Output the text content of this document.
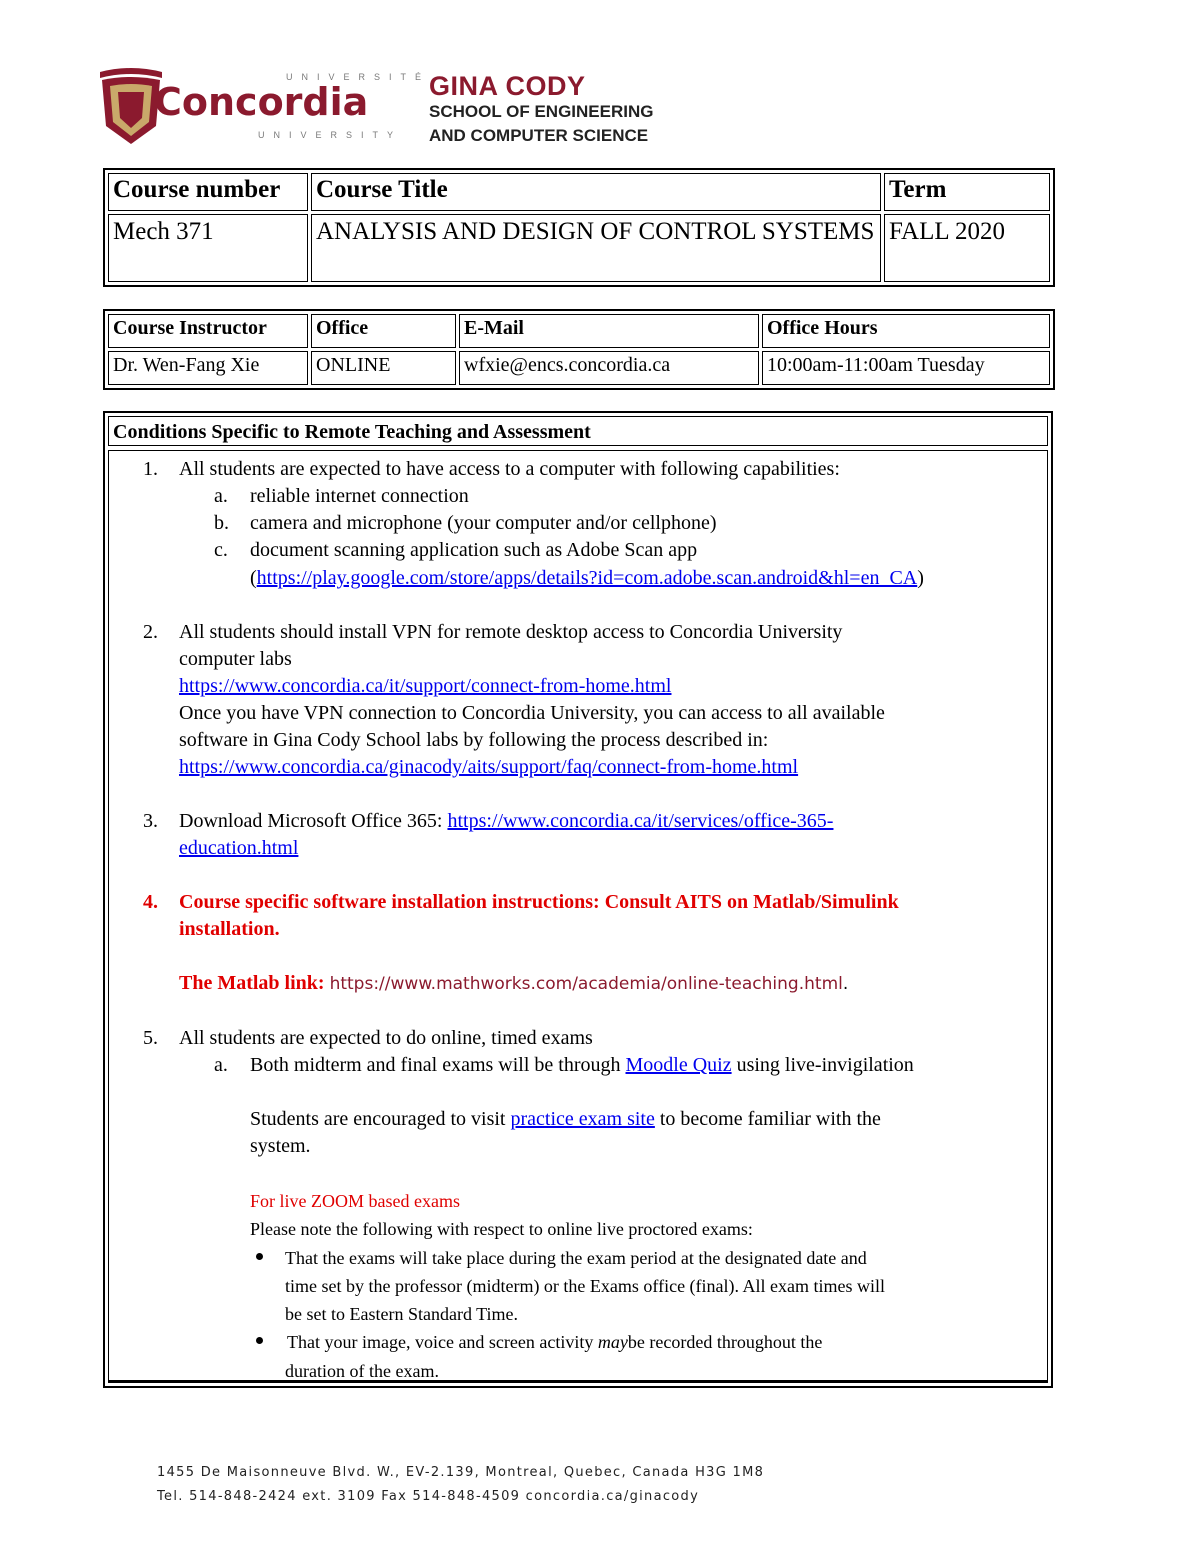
UNIVERSITÉ
Concordia
UNIVERSITY
GINA CODY
SCHOOL OF ENGINEERING
AND COMPUTER SCIENCE
Course number	Course Title	Term
Mech 371	ANALYSIS AND DESIGN OF CONTROL SYSTEMS	FALL 2020
Course Instructor	Office	E-Mail	Office Hours
Dr. Wen-Fang Xie	ONLINE	wfxie@encs.concordia.ca	10:00am-11:00am Tuesday
Conditions Specific to Remote Teaching and Assessment
1. All students are expected to have access to a computer with following capabilities:
a. reliable internet connection
b. camera and microphone (your computer and/or cellphone)
c. document scanning application such as Adobe Scan app
(https://play.google.com/store/apps/details?id=com.adobe.scan.android&hl=en_CA)
2. All students should install VPN for remote desktop access to Concordia University
computer labs
https://www.concordia.ca/it/support/connect-from-home.html
Once you have VPN connection to Concordia University, you can access to all available
software in Gina Cody School labs by following the process described in:
https://www.concordia.ca/ginacody/aits/support/faq/connect-from-home.html
3. Download Microsoft Office 365: https://www.concordia.ca/it/services/office-365-
education.html
4. Course specific software installation instructions: Consult AITS on Matlab/Simulink
installation.
The Matlab link: https://www.mathworks.com/academia/online-teaching.html.
5. All students are expected to do online, timed exams
a. Both midterm and final exams will be through Moodle Quiz using live-invigilation
Students are encouraged to visit practice exam site to become familiar with the
system.
For live ZOOM based exams
Please note the following with respect to online live proctored exams:
That the exams will take place during the exam period at the designated date and
time set by the professor (midterm) or the Exams office (final). All exam times will
be set to Eastern Standard Time.
That your image, voice and screen activity maybe recorded throughout the
duration of the exam.
1455 De Maisonneuve Blvd. W., EV-2.139, Montreal, Quebec, Canada H3G 1M8
Tel. 514-848-2424 ext. 3109 Fax 514-848-4509 concordia.ca/ginacody
